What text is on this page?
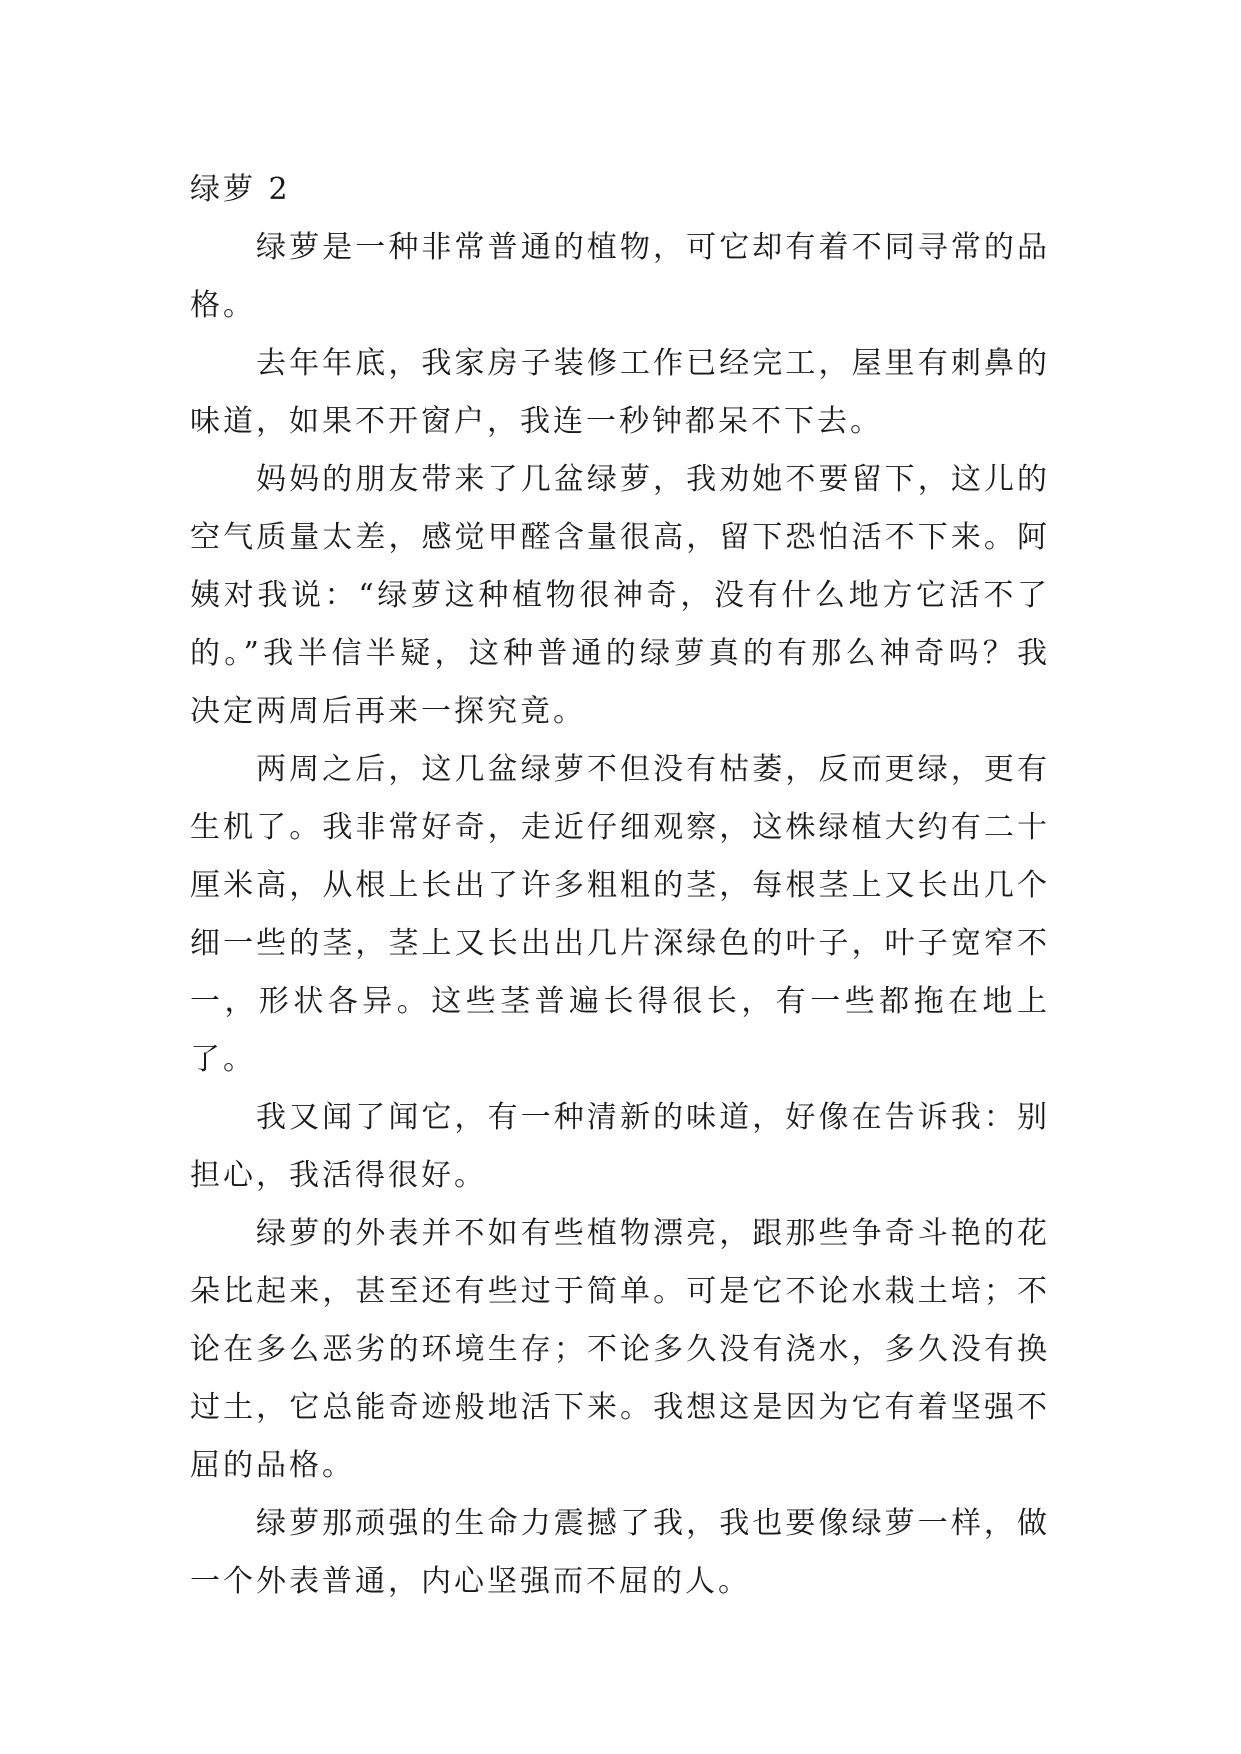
绿萝 2

绿萝是一种非常普通的植物，可它却有着不同寻常的品格。

去年年底，我家房子装修工作已经完工，屋里有刺鼻的味道，如果不开窗户，我连一秒钟都呆不下去。

妈妈的朋友带来了几盆绿萝，我劝她不要留下，这儿的空气质量太差，感觉甲醛含量很高，留下恐怕活不下来。阿姨对我说：“绿萝这种植物很神奇，没有什么地方它活不了的。”我半信半疑，这种普通的绿萝真的有那么神奇吗？我决定两周后再来一探究竟。

两周之后，这几盆绿萝不但没有枯萎，反而更绿，更有生机了。我非常好奇，走近仔细观察，这株绿植大约有二十厘米高，从根上长出了许多粗粗的茎，每根茎上又长出几个细一些的茎，茎上又长出出几片深绿色的叶子，叶子宽窄不一，形状各异。这些茎普遍长得很长，有一些都拖在地上了。

我又闻了闻它，有一种清新的味道，好像在告诉我：别担心，我活得很好。

绿萝的外表并不如有些植物漂亮，跟那些争奇斗艳的花朵比起来，甚至还有些过于简单。可是它不论水栽土培；不论在多么恶劣的环境生存；不论多久没有浇水，多久没有换过土，它总能奇迹般地活下来。我想这是因为它有着坚强不屈的品格。

绿萝那顽强的生命力震撼了我，我也要像绿萝一样，做一个外表普通，内心坚强而不屈的人。
